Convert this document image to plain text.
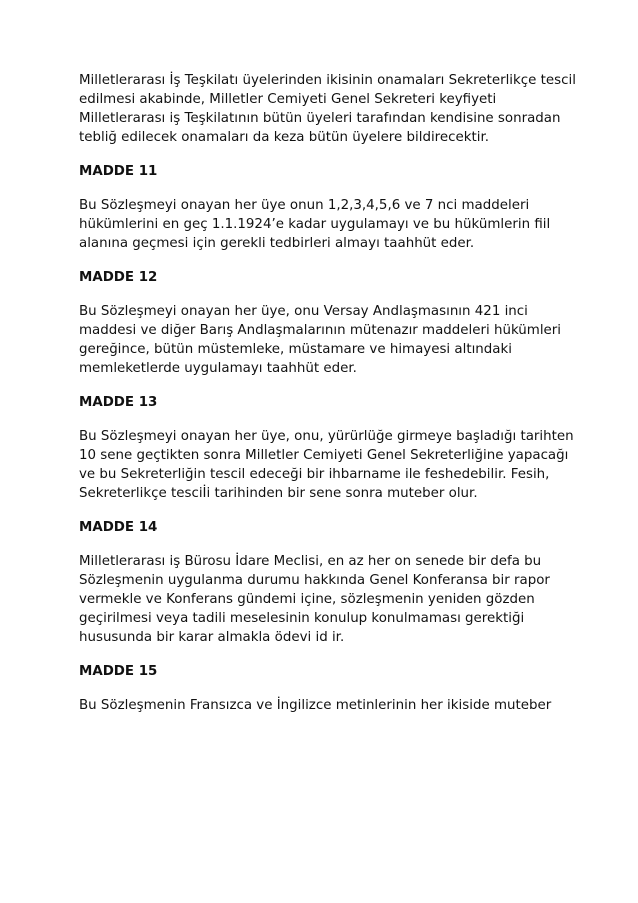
Milletlerarası İş Teşkilatı üyelerinden ikisinin onamaları Sekreterlikçe tescil
edilmesi akabinde, Milletler Cemiyeti Genel Sekreteri keyfiyeti
Milletlerarası iş Teşkilatının bütün üyeleri tarafından kendisine sonradan
tebliğ edilecek onamaları da keza bütün üyelere bildirecektir.

MADDE 11

Bu Sözleşmeyi onayan her üye onun 1,2,3,4,5,6 ve 7 nci maddeleri
hükümlerini en geç 1.1.1924’e kadar uygulamayı ve bu hükümlerin fiil
alanına geçmesi için gerekli tedbirleri almayı taahhüt eder.

MADDE 12

Bu Sözleşmeyi onayan her üye, onu Versay Andlaşmasının 421 inci
maddesi ve diğer Barış Andlaşmalarının mütenazır maddeleri hükümleri
gereğince, bütün müstemleke, müstamare ve himayesi altındaki
memleketlerde uygulamayı taahhüt eder.

MADDE 13

Bu Sözleşmeyi onayan her üye, onu, yürürlüğe girmeye başladığı tarihten
10 sene geçtikten sonra Milletler Cemiyeti Genel Sekreterliğine yapacağı
ve bu Sekreterliğin tescil edeceği bir ihbarname ile feshedebilir. Fesih,
Sekreterlikçe tesciİi tarihinden bir sene sonra muteber olur.

MADDE 14

Milletlerarası iş Bürosu İdare Meclisi, en az her on senede bir defa bu
Sözleşmenin uygulanma durumu hakkında Genel Konferansa bir rapor
vermekle ve Konferans gündemi içine, sözleşmenin yeniden gözden
geçirilmesi veya tadili meselesinin konulup konulmaması gerektiği
hususunda bir karar almakla ödevi id ir.

MADDE 15

Bu Sözleşmenin Fransızca ve İngilizce metinlerinin her ikiside muteber
